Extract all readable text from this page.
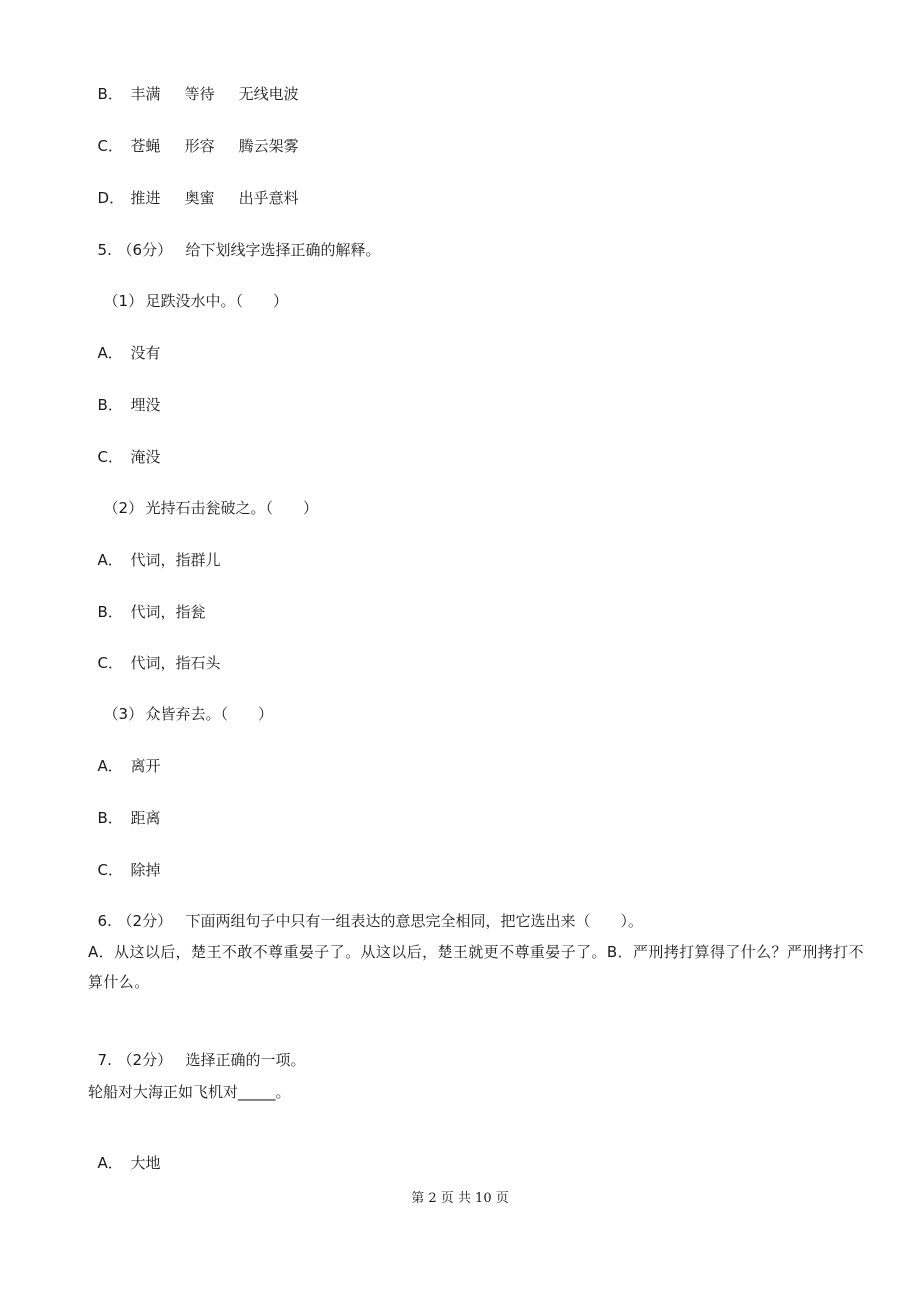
B． 丰满 等待 无线电波

C． 苍蝇 形容 腾云架雾

D． 推进 奥蜜 出乎意料

5. （6分） 给下划线字选择正确的解释。

（1） 足跌没水中。（　　）

A． 没有

B． 埋没

C． 淹没

（2） 光持石击瓮破之。（　　）

A． 代词，指群儿

B． 代词，指瓮

C． 代词，指石头

（3） 众皆弃去。（　　）

A． 离开

B． 距离

C． 除掉

6. （2分） 下面两组句子中只有一组表达的意思完全相同，把它选出来（　　）。

A．从这以后，楚王不敢不尊重晏子了。从这以后，楚王就更不尊重晏子了。B．严刑拷打算得了什么？严刑拷打不算什么。

7. （2分） 选择正确的一项。

轮船对大海正如飞机对_____。

A． 大地

第 2 页 共 10 页
